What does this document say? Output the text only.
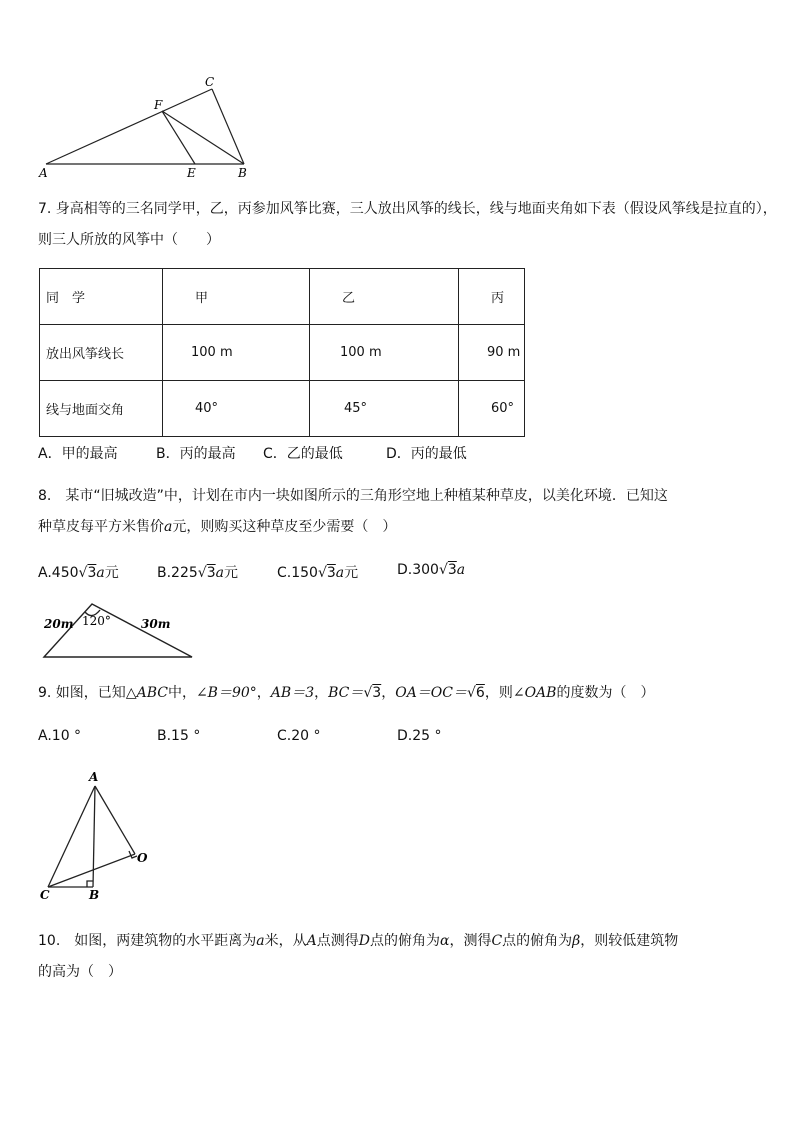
C
F
A	E	B
7. 身高相等的三名同学甲，乙，丙参加风筝比赛，三人放出风筝的线长，线与地面夹角如下表（假设风筝线是拉直的），
则三人所放的风筝中（　　）
同　学	甲	乙	丙
放出风筝线长	100 m	100 m	90 m
线与地面交角	40°	45°	60°
A．甲的最高	B．丙的最高 C．乙的最低	D．丙的最低
8.　某市“旧城改造”中，计划在市内一块如图所示的三角形空地上种植某种草皮，以美化环境．已知这
种草皮每平方米售价a元，则购买这种草皮至少需要（　）
A.450√3a元	B.225√3a元	C.150√3a元	D.300√3a
20m 120°	30m
9. 如图，已知△ABC中，∠B＝90°，AB＝3，BC＝√3，OA＝OC＝√6，则∠OAB的度数为（　）
A.10 °	B.15 °	C.20 °	D.25 °
A
O
C	B
10.　如图，两建筑物的水平距离为a米，从A点测得D点的俯角为α，测得C点的俯角为β，则较低建筑物
的高为（　）
